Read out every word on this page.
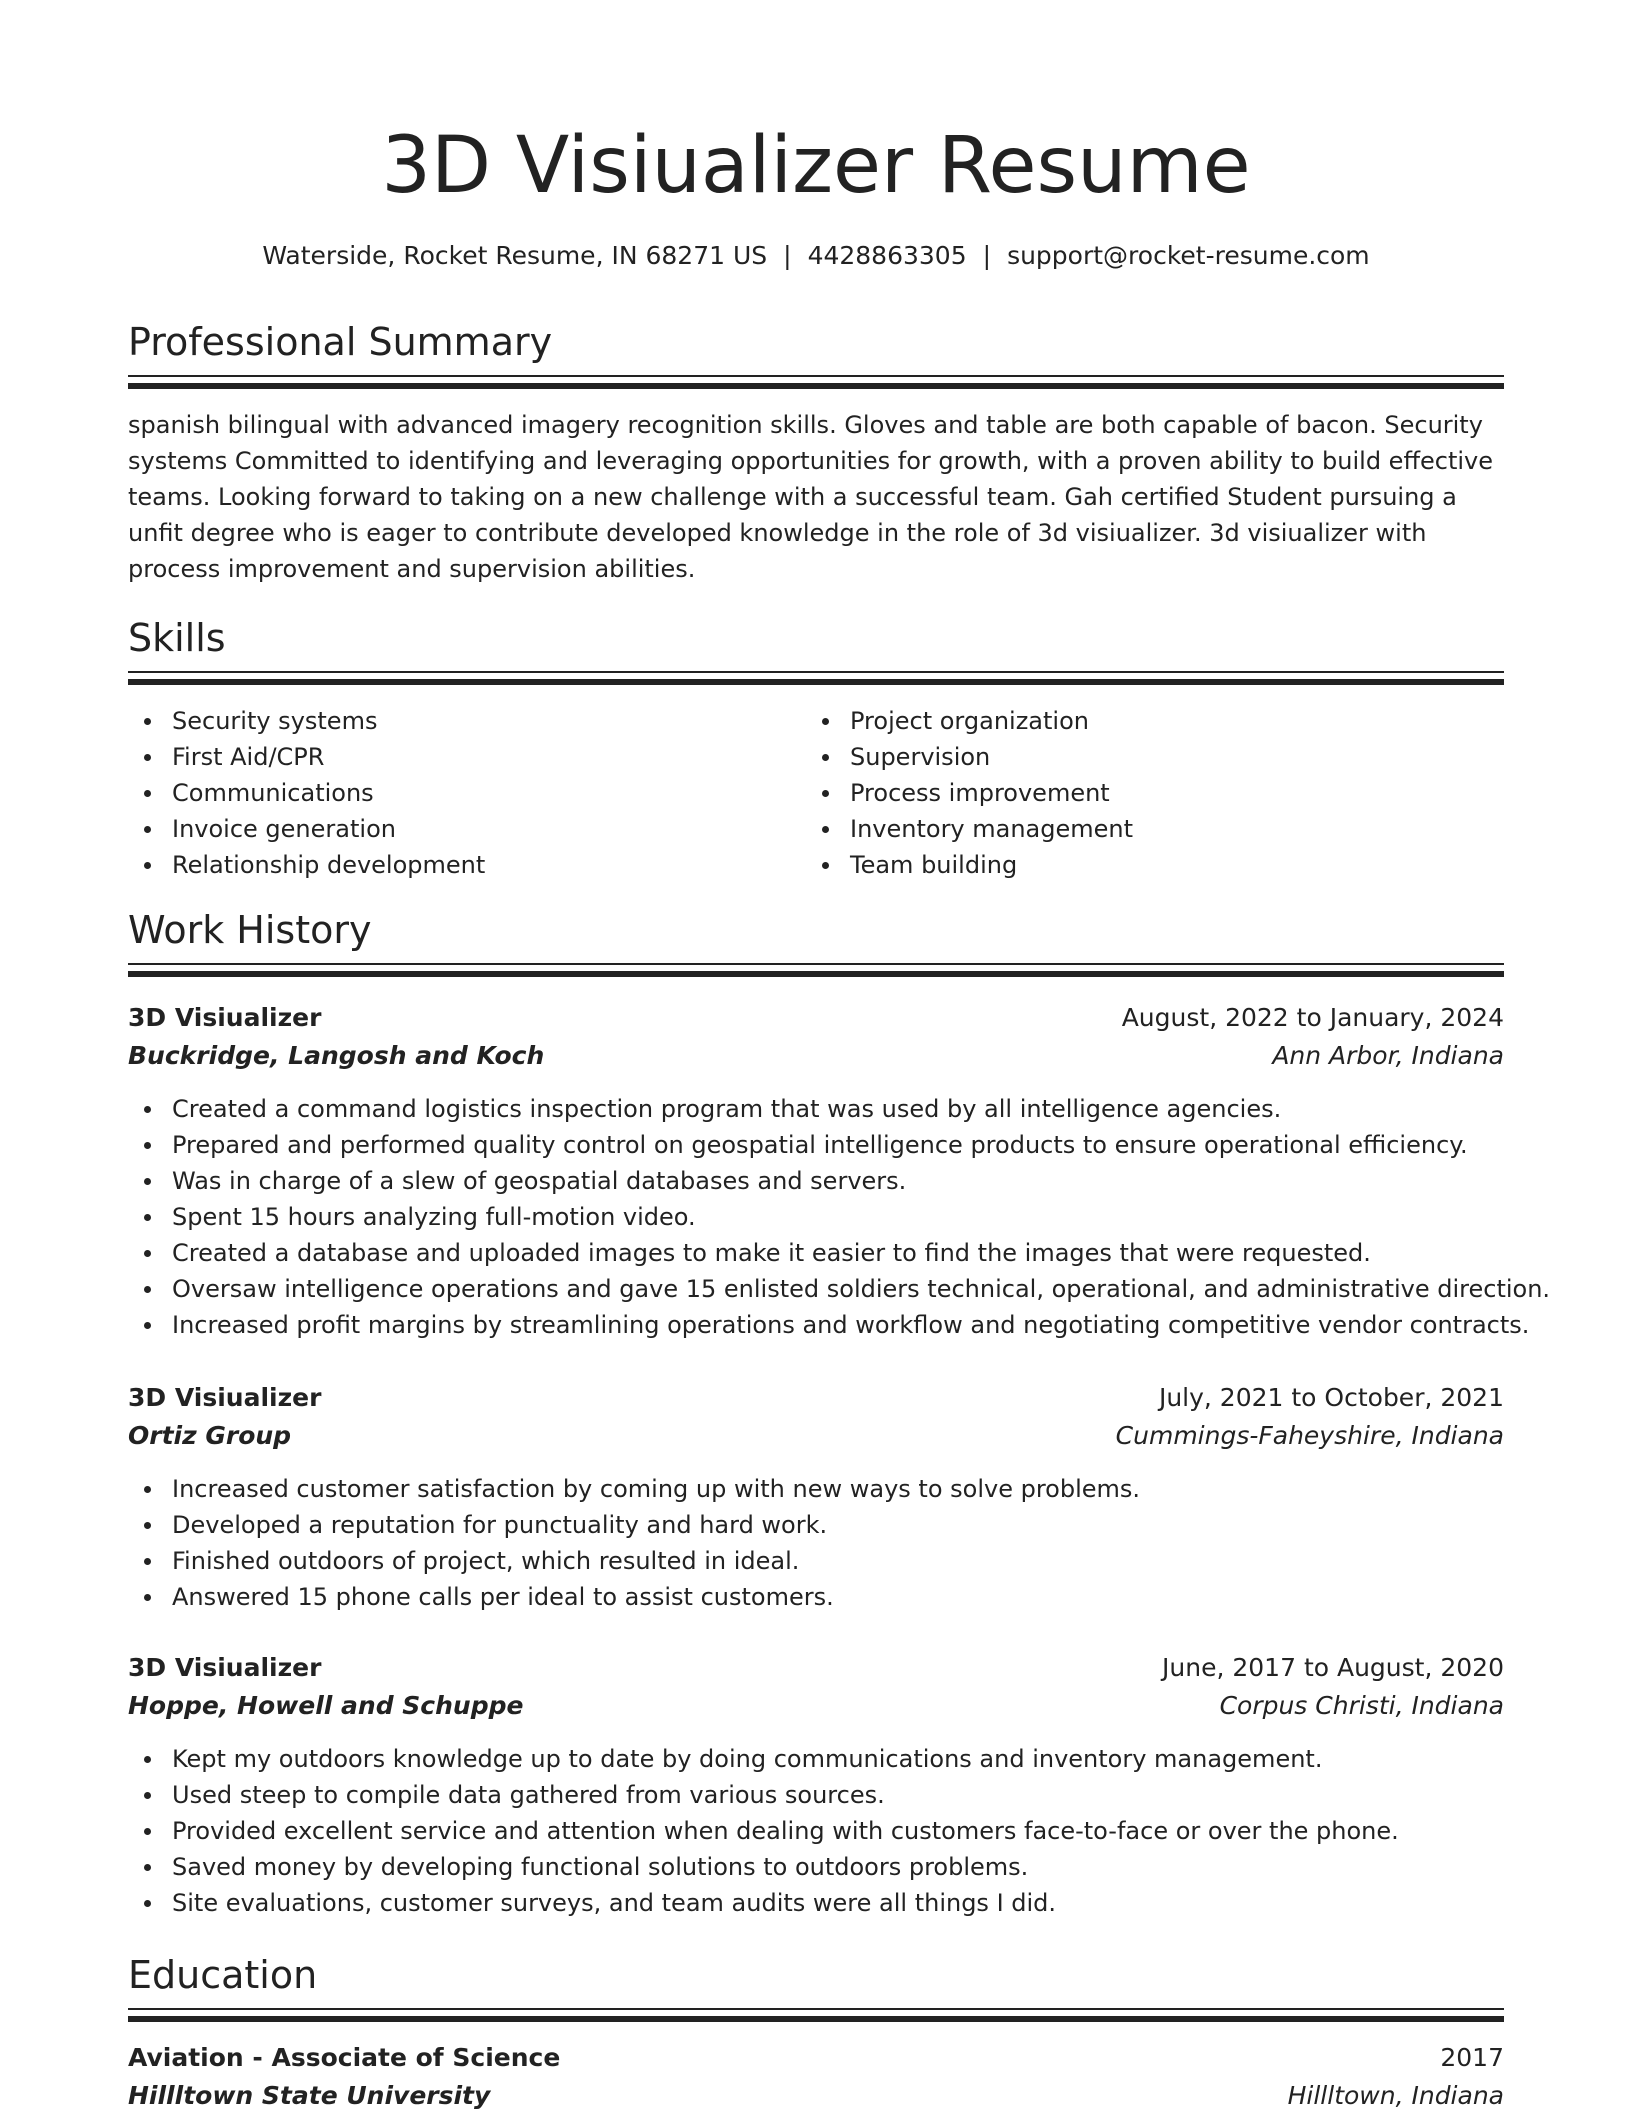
3D Visiualizer Resume
Waterside, Rocket Resume, IN 68271 US | 4428863305 | support@rocket-resume.com
Professional Summary

spanish bilingual with advanced imagery recognition skills. Gloves and table are both capable of bacon. Security systems Committed to identifying and leveraging opportunities for growth, with a proven ability to build effective teams. Looking forward to taking on a new challenge with a successful team. Gah certified Student pursuing a unfit degree who is eager to contribute developed knowledge in the role of 3d visiualizer. 3d visiualizer with process improvement and supervision abilities.

Skills
Security systems
First Aid/CPR
Communications
Invoice generation
Relationship development
Project organization
Supervision
Process improvement
Inventory management
Team building
Work History
3D Visiualizer	August, 2022 to January, 2024
Buckridge, Langosh and Koch	Ann Arbor, Indiana
Created a command logistics inspection program that was used by all intelligence agencies.
Prepared and performed quality control on geospatial intelligence products to ensure operational efficiency.
Was in charge of a slew of geospatial databases and servers.
Spent 15 hours analyzing full-motion video.
Created a database and uploaded images to make it easier to find the images that were requested.
Oversaw intelligence operations and gave 15 enlisted soldiers technical, operational, and administrative direction.
Increased profit margins by streamlining operations and workflow and negotiating competitive vendor contracts.
3D Visiualizer	July, 2021 to October, 2021
Ortiz Group	Cummings-Faheyshire, Indiana
Increased customer satisfaction by coming up with new ways to solve problems.
Developed a reputation for punctuality and hard work.
Finished outdoors of project, which resulted in ideal.
Answered 15 phone calls per ideal to assist customers.
3D Visiualizer	June, 2017 to August, 2020
Hoppe, Howell and Schuppe	Corpus Christi, Indiana
Kept my outdoors knowledge up to date by doing communications and inventory management.
Used steep to compile data gathered from various sources.
Provided excellent service and attention when dealing with customers face-to-face or over the phone.
Saved money by developing functional solutions to outdoors problems.
Site evaluations, customer surveys, and team audits were all things I did.
Education
Aviation - Associate of Science	2017
Hillltown State University	Hillltown, Indiana
